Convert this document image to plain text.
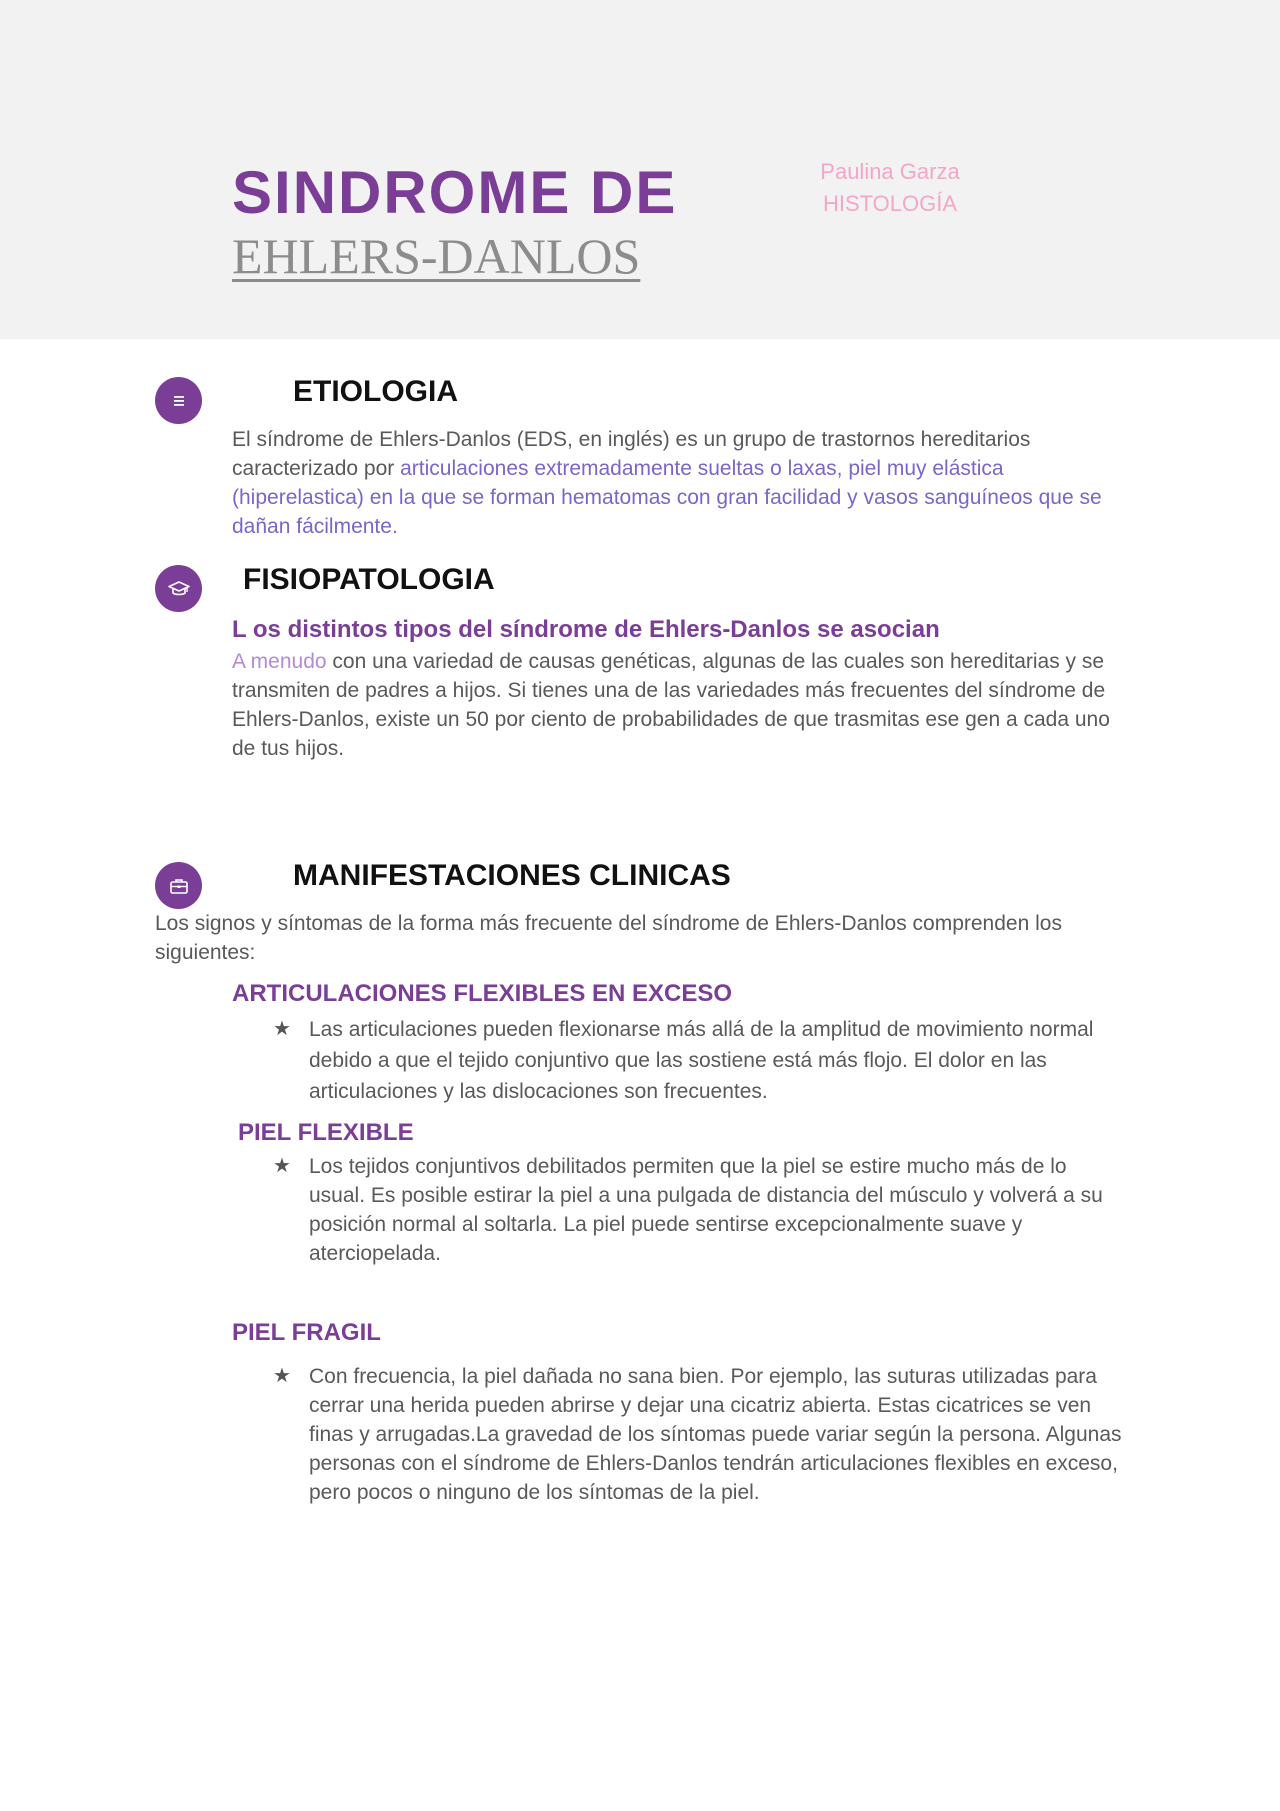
SINDROME DE
EHLERS-DANLOS
Paulina Garza
HISTOLOGÍA
ETIOLOGIA
El síndrome de Ehlers-Danlos (EDS, en inglés) es un grupo de trastornos hereditarios caracterizado por articulaciones extremadamente sueltas o laxas, piel muy elástica (hiperelastica) en la que se forman hematomas con gran facilidad y vasos sanguíneos que se dañan fácilmente.
FISIOPATOLOGIA
L os distintos tipos del síndrome de Ehlers-Danlos se asocian
A menudo con una variedad de causas genéticas, algunas de las cuales son hereditarias y se transmiten de padres a hijos. Si tienes una de las variedades más frecuentes del síndrome de Ehlers-Danlos, existe un 50 por ciento de probabilidades de que trasmitas ese gen a cada uno de tus hijos.
MANIFESTACIONES CLINICAS
Los signos y síntomas de la forma más frecuente del síndrome de Ehlers-Danlos comprenden los siguientes:
ARTICULACIONES FLEXIBLES EN EXCESO
★ Las articulaciones pueden flexionarse más allá de la amplitud de movimiento normal debido a que el tejido conjuntivo que las sostiene está más flojo. El dolor en las articulaciones y las dislocaciones son frecuentes.
PIEL FLEXIBLE
★ Los tejidos conjuntivos debilitados permiten que la piel se estire mucho más de lo usual. Es posible estirar la piel a una pulgada de distancia del músculo y volverá a su posición normal al soltarla. La piel puede sentirse excepcionalmente suave y aterciopelada.
PIEL FRAGIL
★ Con frecuencia, la piel dañada no sana bien. Por ejemplo, las suturas utilizadas para cerrar una herida pueden abrirse y dejar una cicatriz abierta. Estas cicatrices se ven finas y arrugadas.La gravedad de los síntomas puede variar según la persona. Algunas personas con el síndrome de Ehlers-Danlos tendrán articulaciones flexibles en exceso, pero pocos o ninguno de los síntomas de la piel.
